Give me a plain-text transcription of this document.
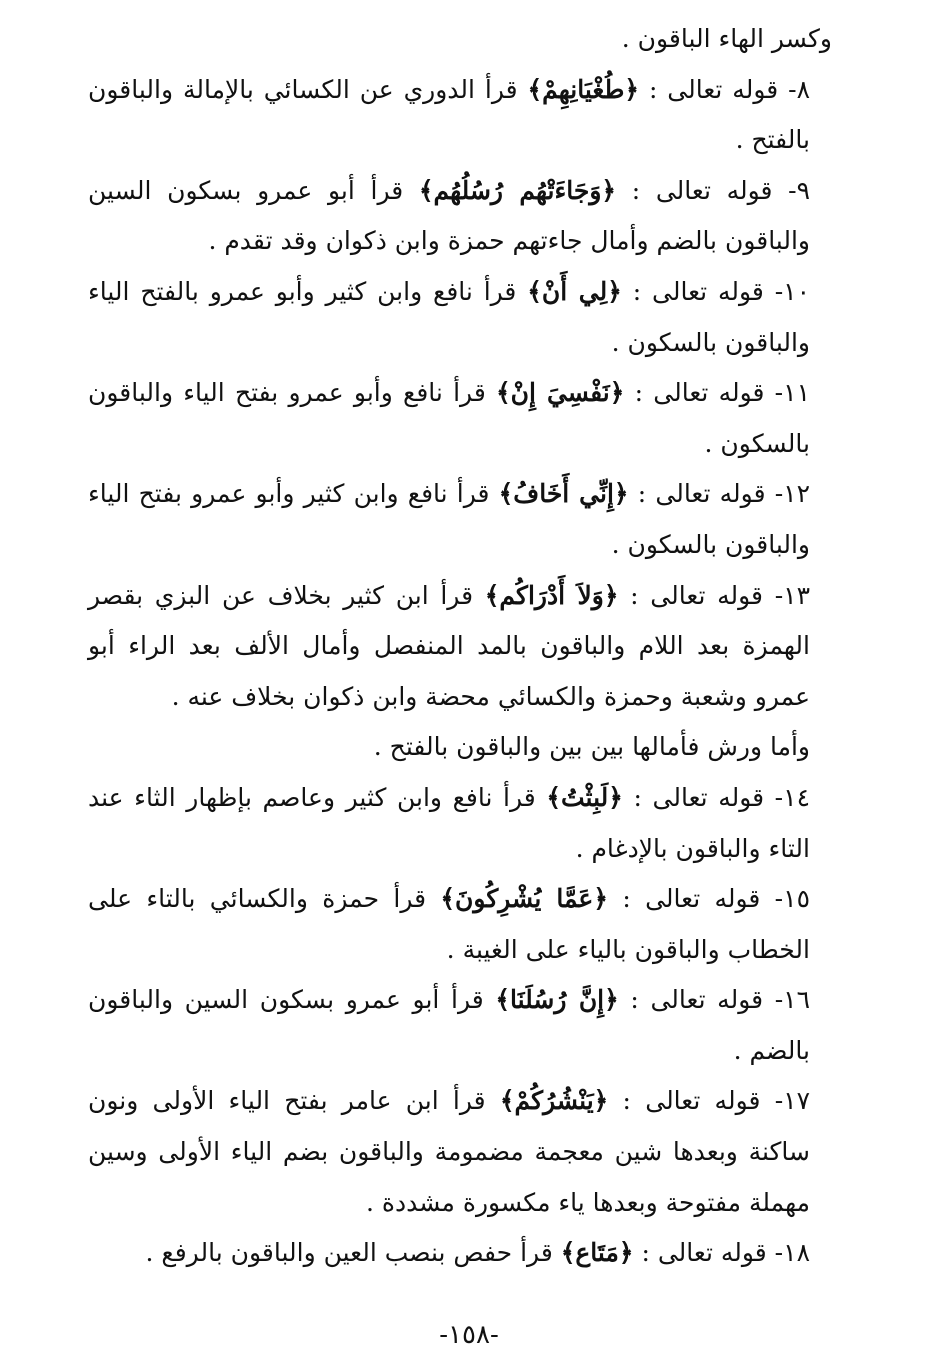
وكسر الهاء الباقون .

٨- قوله تعالى : ﴿طُغْيَانِهِمْ﴾ قرأ الدوري عن الكسائي بالإمالة والباقون بالفتح .

٩- قوله تعالى : ﴿وَجَاءَتْهُم رُسُلُهُم﴾ قرأ أبو عمرو بسكون السين والباقون بالضم وأمال جاءتهم حمزة وابن ذكوان وقد تقدم .

١٠- قوله تعالى : ﴿لِي أَنْ﴾ قرأ نافع وابن كثير وأبو عمرو بالفتح الياء والباقون بالسكون .

١١- قوله تعالى : ﴿نَفْسِيَ إِنْ﴾ قرأ نافع وأبو عمرو بفتح الياء والباقون بالسكون .

١٢- قوله تعالى : ﴿إِنِّي أَخَافُ﴾ قرأ نافع وابن كثير وأبو عمرو بفتح الياء والباقون بالسكون .

١٣- قوله تعالى : ﴿وَلاَ أَدْرَاكُم﴾ قرأ ابن كثير بخلاف عن البزي بقصر الهمزة بعد اللام والباقون بالمد المنفصل وأمال الألف بعد الراء أبو عمرو وشعبة وحمزة والكسائي محضة وابن ذكوان بخلاف عنه .

وأما ورش فأمالها بين بين والباقون بالفتح .

١٤- قوله تعالى : ﴿لَبِثْتُ﴾ قرأ نافع وابن كثير وعاصم بإظهار الثاء عند التاء والباقون بالإدغام .

١٥- قوله تعالى : ﴿عَمَّا يُشْرِكُونَ﴾ قرأ حمزة والكسائي بالتاء على الخطاب والباقون بالياء على الغيبة .

١٦- قوله تعالى : ﴿إِنَّ رُسُلَنَا﴾ قرأ أبو عمرو بسكون السين والباقون بالضم .

١٧- قوله تعالى : ﴿يَنْشُرُكُمْ﴾ قرأ ابن عامر بفتح الياء الأولى ونون ساكنة وبعدها شين معجمة مضمومة والباقون بضم الياء الأولى وسين مهملة مفتوحة وبعدها ياء مكسورة مشددة .

١٨- قوله تعالى : ﴿مَتَاع﴾ قرأ حفص بنصب العين والباقون بالرفع .

-١٥٨-
